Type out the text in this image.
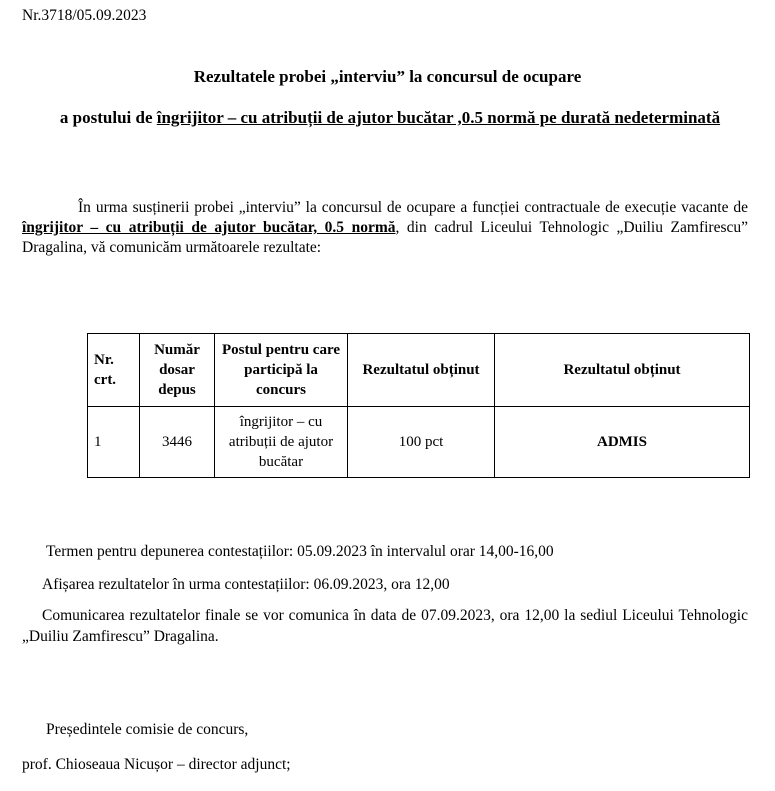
Nr.3718/05.09.2023
Rezultatele probei „interviu” la concursul de ocupare
a postului de îngrijitor – cu atribuții de ajutor bucătar ,0.5 normă pe durată nedeterminată
În urma susținerii probei „interviu” la concursul de ocupare a funcției contractuale de execuție vacante de îngrijitor – cu atribuții de ajutor bucătar, 0.5 normă, din cadrul Liceului Tehnologic „Duiliu Zamfirescu” Dragalina, vă comunicăm următoarele rezultate:
Nr. crt.	Număr dosar depus	Postul pentru care participă la concurs	Rezultatul obținut	Rezultatul obținut
1	3446	îngrijitor – cu atribuții de ajutor bucătar	100 pct	ADMIS
Termen pentru depunerea contestațiilor: 05.09.2023 în intervalul orar 14,00-16,00
Afișarea rezultatelor în urma contestațiilor: 06.09.2023, ora 12,00
Comunicarea rezultatelor finale se vor comunica în data de 07.09.2023, ora 12,00 la sediul Liceului Tehnologic „Duiliu Zamfirescu” Dragalina.
Președintele comisie de concurs,
prof. Chioseaua Nicușor – director adjunct;
